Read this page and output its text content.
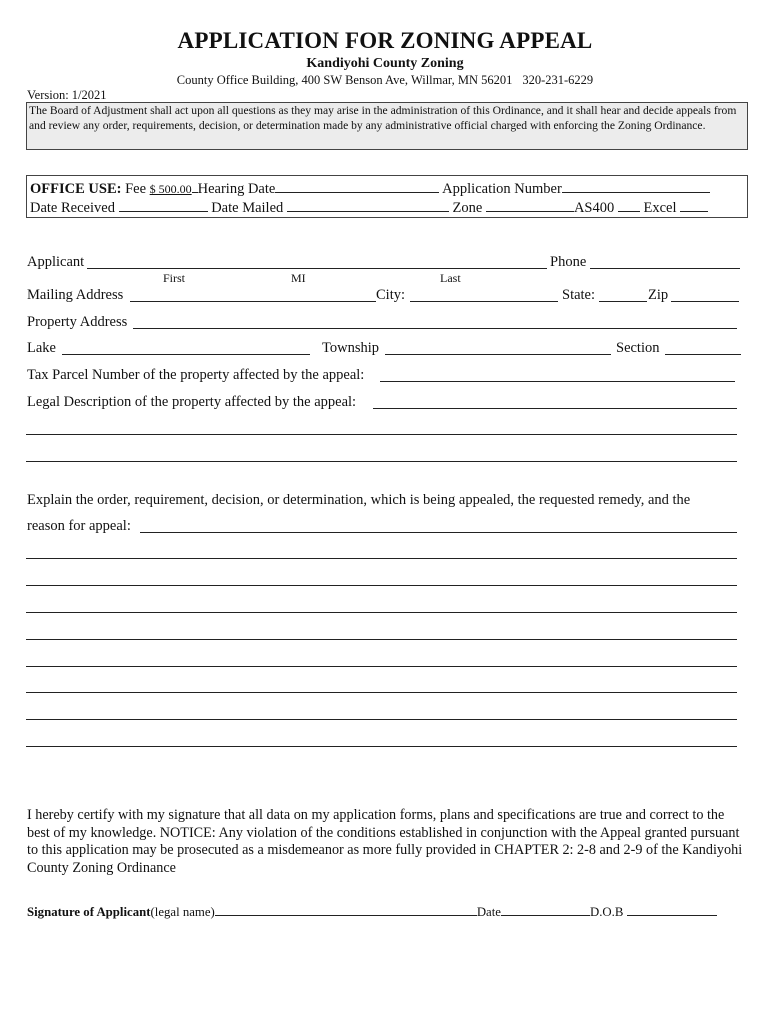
APPLICATION FOR ZONING APPEAL
Kandiyohi County Zoning
County Office Building, 400 SW Benson Ave, Willmar, MN 56201 320-231-6229
Version: 1/2021
The Board of Adjustment shall act upon all questions as they may arise in the administration of this Ordinance, and it shall hear and decide appeals from and review any order, requirements, decision, or determination made by any administrative official charged with enforcing the Zoning Ordinance.
OFFICE USE: Fee $ 500.00 Hearing Date	Application Number
Date Received	Date Mailed	Zone	AS400 Excel
Applicant	Phone
First	MI	Last
Mailing Address	City:	State:	Zip
Property Address
Lake	Township	Section
Tax Parcel Number of the property affected by the appeal:
Legal Description of the property affected by the appeal:
Explain the order, requirement, decision, or determination, which is being appealed, the requested remedy, and the
reason for appeal:
I hereby certify with my signature that all data on my application forms, plans and specifications are true and correct to the best of my knowledge. NOTICE: Any violation of the conditions established in conjunction with the Appeal granted pursuant to this application may be prosecuted as a misdemeanor as more fully provided in CHAPTER 2: 2-8 and 2-9 of the Kandiyohi County Zoning Ordinance
Signature of Applicant(legal name)	Date	D.O.B
